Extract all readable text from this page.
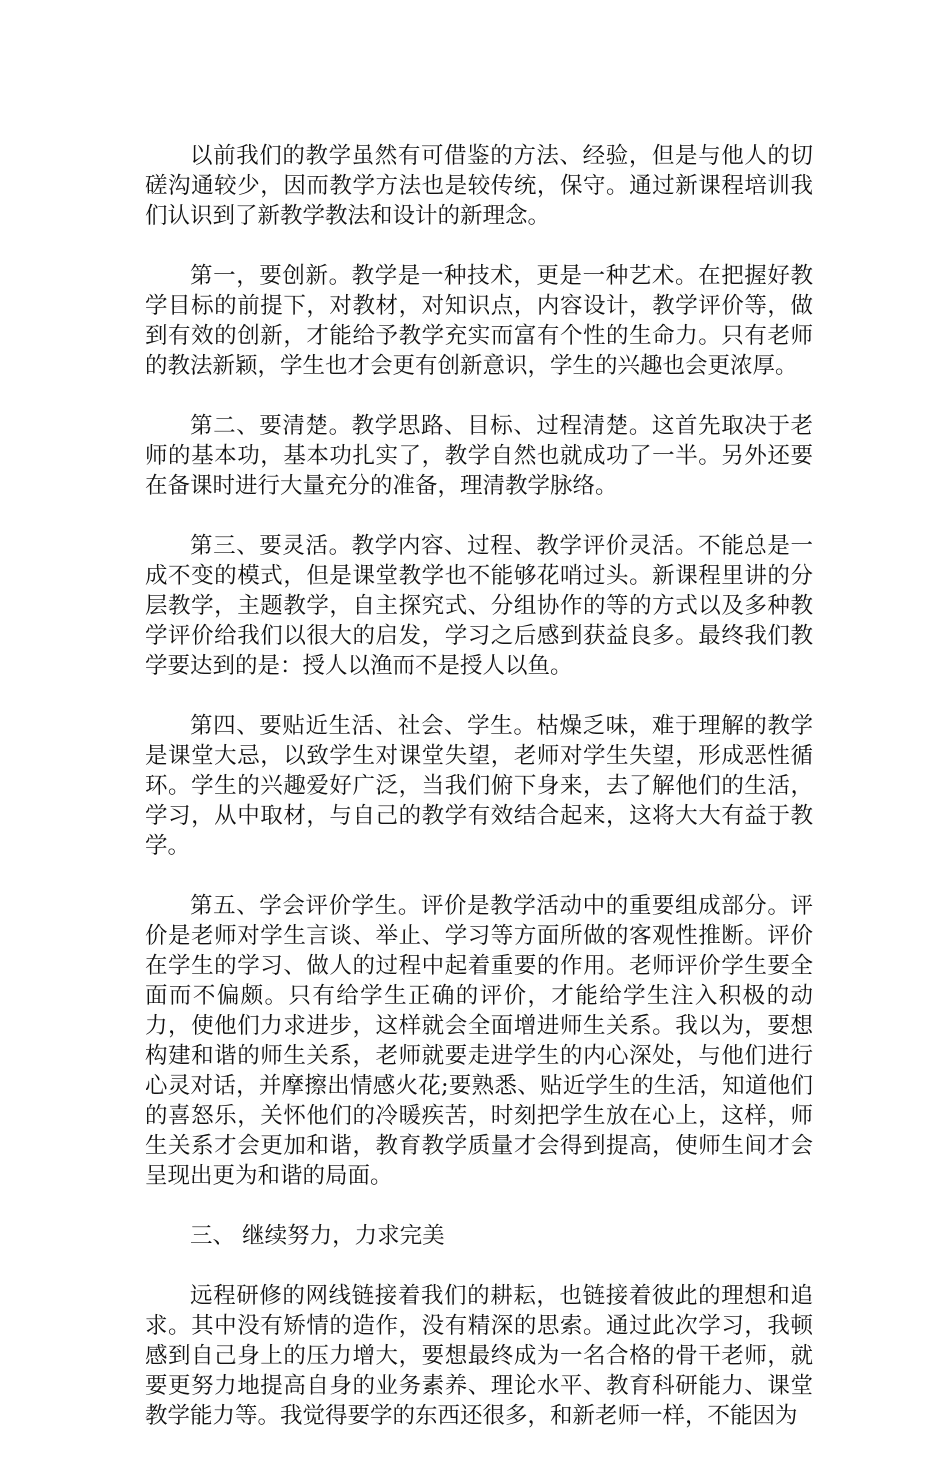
以前我们的教学虽然有可借鉴的方法、经验，但是与他人的切磋沟通较少，因而教学方法也是较传统，保守。通过新课程培训我们认识到了新教学教法和设计的新理念。

第一，要创新。教学是一种技术，更是一种艺术。在把握好教学目标的前提下，对教材，对知识点，内容设计，教学评价等，做到有效的创新，才能给予教学充实而富有个性的生命力。只有老师的教法新颖，学生也才会更有创新意识，学生的兴趣也会更浓厚。

第二、要清楚。教学思路、目标、过程清楚。这首先取决于老师的基本功，基本功扎实了，教学自然也就成功了一半。另外还要在备课时进行大量充分的准备，理清教学脉络。

第三、要灵活。教学内容、过程、教学评价灵活。不能总是一成不变的模式，但是课堂教学也不能够花哨过头。新课程里讲的分层教学，主题教学，自主探究式、分组协作的等的方式以及多种教学评价给我们以很大的启发，学习之后感到获益良多。最终我们教学要达到的是：授人以渔而不是授人以鱼。

第四、要贴近生活、社会、学生。枯燥乏味，难于理解的教学是课堂大忌，以致学生对课堂失望，老师对学生失望，形成恶性循环。学生的兴趣爱好广泛，当我们俯下身来，去了解他们的生活，学习，从中取材，与自己的教学有效结合起来，这将大大有益于教学。

第五、学会评价学生。评价是教学活动中的重要组成部分。评价是老师对学生言谈、举止、学习等方面所做的客观性推断。评价在学生的学习、做人的过程中起着重要的作用。老师评价学生要全面而不偏颇。只有给学生正确的评价，才能给学生注入积极的动力，使他们力求进步，这样就会全面增进师生关系。我以为，要想构建和谐的师生关系，老师就要走进学生的内心深处，与他们进行心灵对话，并摩擦出情感火花;要熟悉、贴近学生的生活，知道他们的喜怒乐，关怀他们的冷暖疾苦，时刻把学生放在心上，这样，师生关系才会更加和谐，教育教学质量才会得到提高，使师生间才会呈现出更为和谐的局面。

三、 继续努力，力求完美

远程研修的网线链接着我们的耕耘，也链接着彼此的理想和追求。其中没有矫情的造作，没有精深的思索。通过此次学习，我顿感到自己身上的压力增大，要想最终成为一名合格的骨干老师，就要更努力地提高自身的业务素养、理论水平、教育科研能力、课堂教学能力等。我觉得要学的东西还很多，和新老师一样，不能因为
